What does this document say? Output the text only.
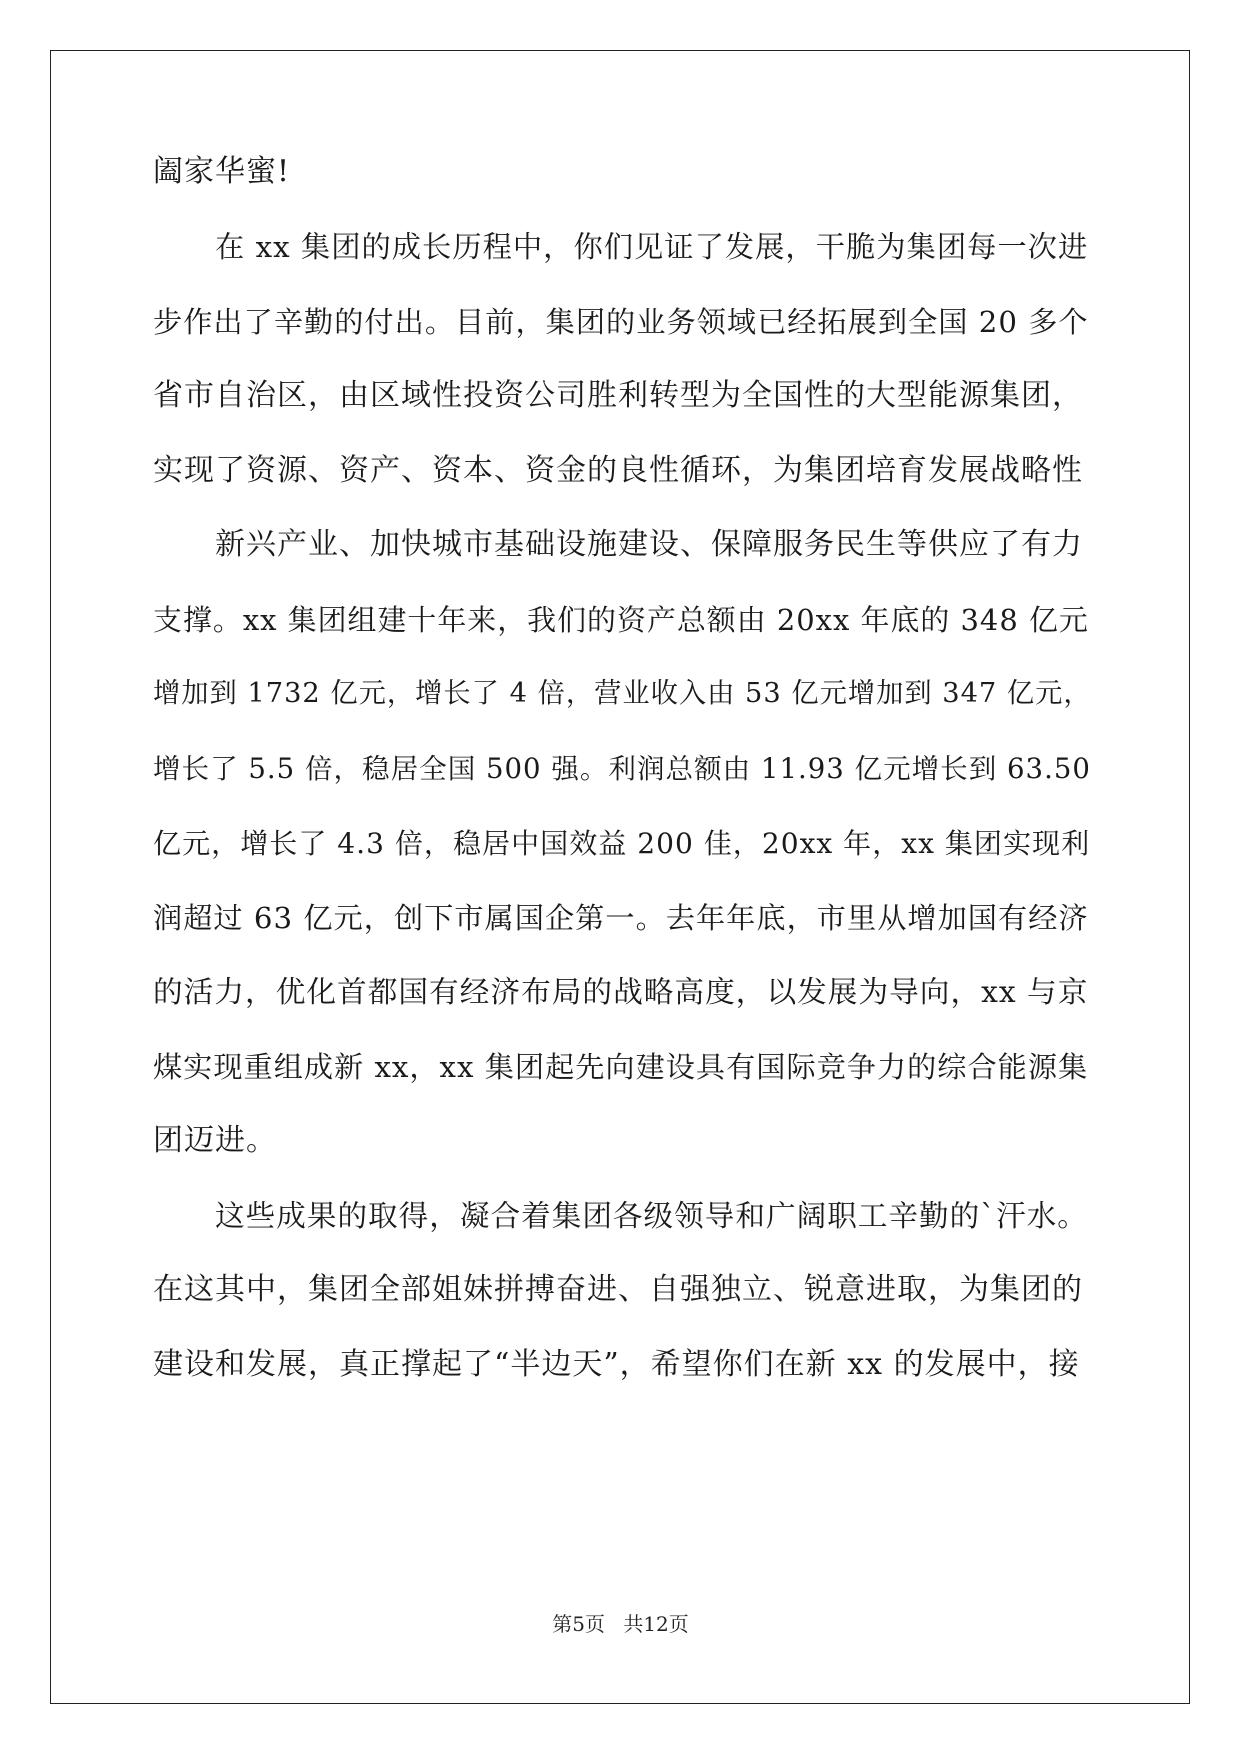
阖家华蜜!
在 xx 集团的成长历程中，你们见证了发展，干脆为集团每一次进
步作出了辛勤的付出。目前，集团的业务领域已经拓展到全国 20 多个
省市自治区，由区域性投资公司胜利转型为全国性的大型能源集团，
实现了资源、资产、资本、资金的良性循环，为集团培育发展战略性
新兴产业、加快城市基础设施建设、保障服务民生等供应了有力
支撑。xx 集团组建十年来，我们的资产总额由 20xx 年底的 348 亿元
增加到 1732 亿元，增长了 4 倍，营业收入由 53 亿元增加到 347 亿元，
增长了 5.5 倍，稳居全国 500 强。利润总额由 11.93 亿元增长到 63.50
亿元，增长了 4.3 倍，稳居中国效益 200 佳，20xx 年，xx 集团实现利
润超过 63 亿元，创下市属国企第一。去年年底，市里从增加国有经济
的活力，优化首都国有经济布局的战略高度，以发展为导向，xx 与京
煤实现重组成新 xx，xx 集团起先向建设具有国际竞争力的综合能源集
团迈进。
这些成果的取得，凝合着集团各级领导和广阔职工辛勤的`汗水。
在这其中，集团全部姐妹拼搏奋进、自强独立、锐意进取，为集团的
建设和发展，真正撑起了“半边天”，希望你们在新 xx 的发展中，接
第5页 共12页
